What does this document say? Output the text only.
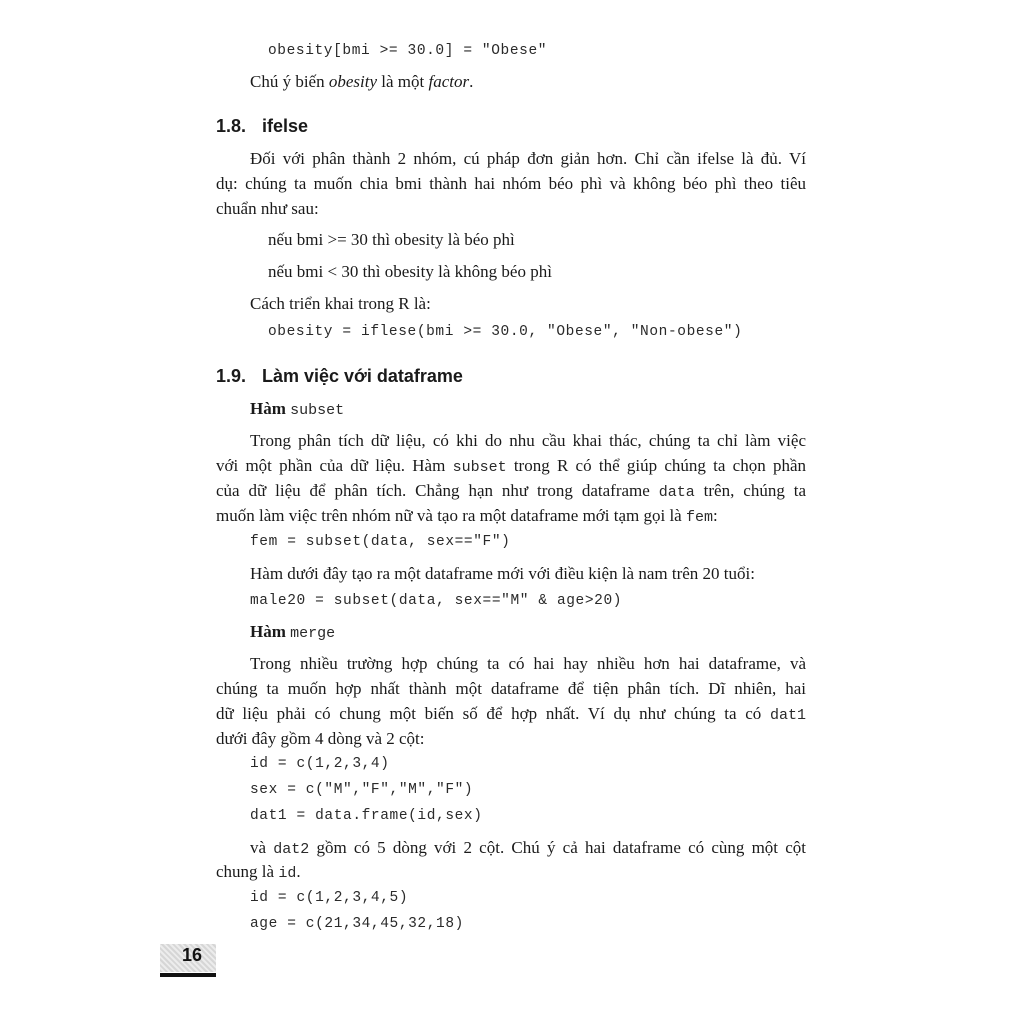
obesity[bmi >= 30.0] = "Obese"
Chú ý biến obesity là một factor.
1.8. ifelse
Đối với phân thành 2 nhóm, cú pháp đơn giản hơn. Chỉ cần ifelse là đủ. Ví
dụ: chúng ta muốn chia bmi thành hai nhóm béo phì và không béo phì theo tiêu
chuẩn như sau:
nếu bmi >= 30 thì obesity là béo phì
nếu bmi < 30 thì obesity là không béo phì
Cách triển khai trong R là:
obesity = iflese(bmi >= 30.0, "Obese", "Non-obese")
1.9. Làm việc với dataframe
Hàm subset
Trong phân tích dữ liệu, có khi do nhu cầu khai thác, chúng ta chỉ làm việc
với một phần của dữ liệu. Hàm subset trong R có thể giúp chúng ta chọn phần
của dữ liệu để phân tích. Chẳng hạn như trong dataframe data trên, chúng ta
muốn làm việc trên nhóm nữ và tạo ra một dataframe mới tạm gọi là fem:
fem = subset(data, sex=="F")
Hàm dưới đây tạo ra một dataframe mới với điều kiện là nam trên 20 tuổi:
male20 = subset(data, sex=="M" & age>20)
Hàm merge
Trong nhiều trường hợp chúng ta có hai hay nhiều hơn hai dataframe, và
chúng ta muốn hợp nhất thành một dataframe để tiện phân tích. Dĩ nhiên, hai
dữ liệu phải có chung một biến số để hợp nhất. Ví dụ như chúng ta có dat1
dưới đây gồm 4 dòng và 2 cột:
id = c(1,2,3,4)
sex = c("M","F","M","F")
dat1 = data.frame(id,sex)
và dat2 gồm có 5 dòng với 2 cột. Chú ý cả hai dataframe có cùng một cột
chung là id.
id = c(1,2,3,4,5)
age = c(21,34,45,32,18)
16
